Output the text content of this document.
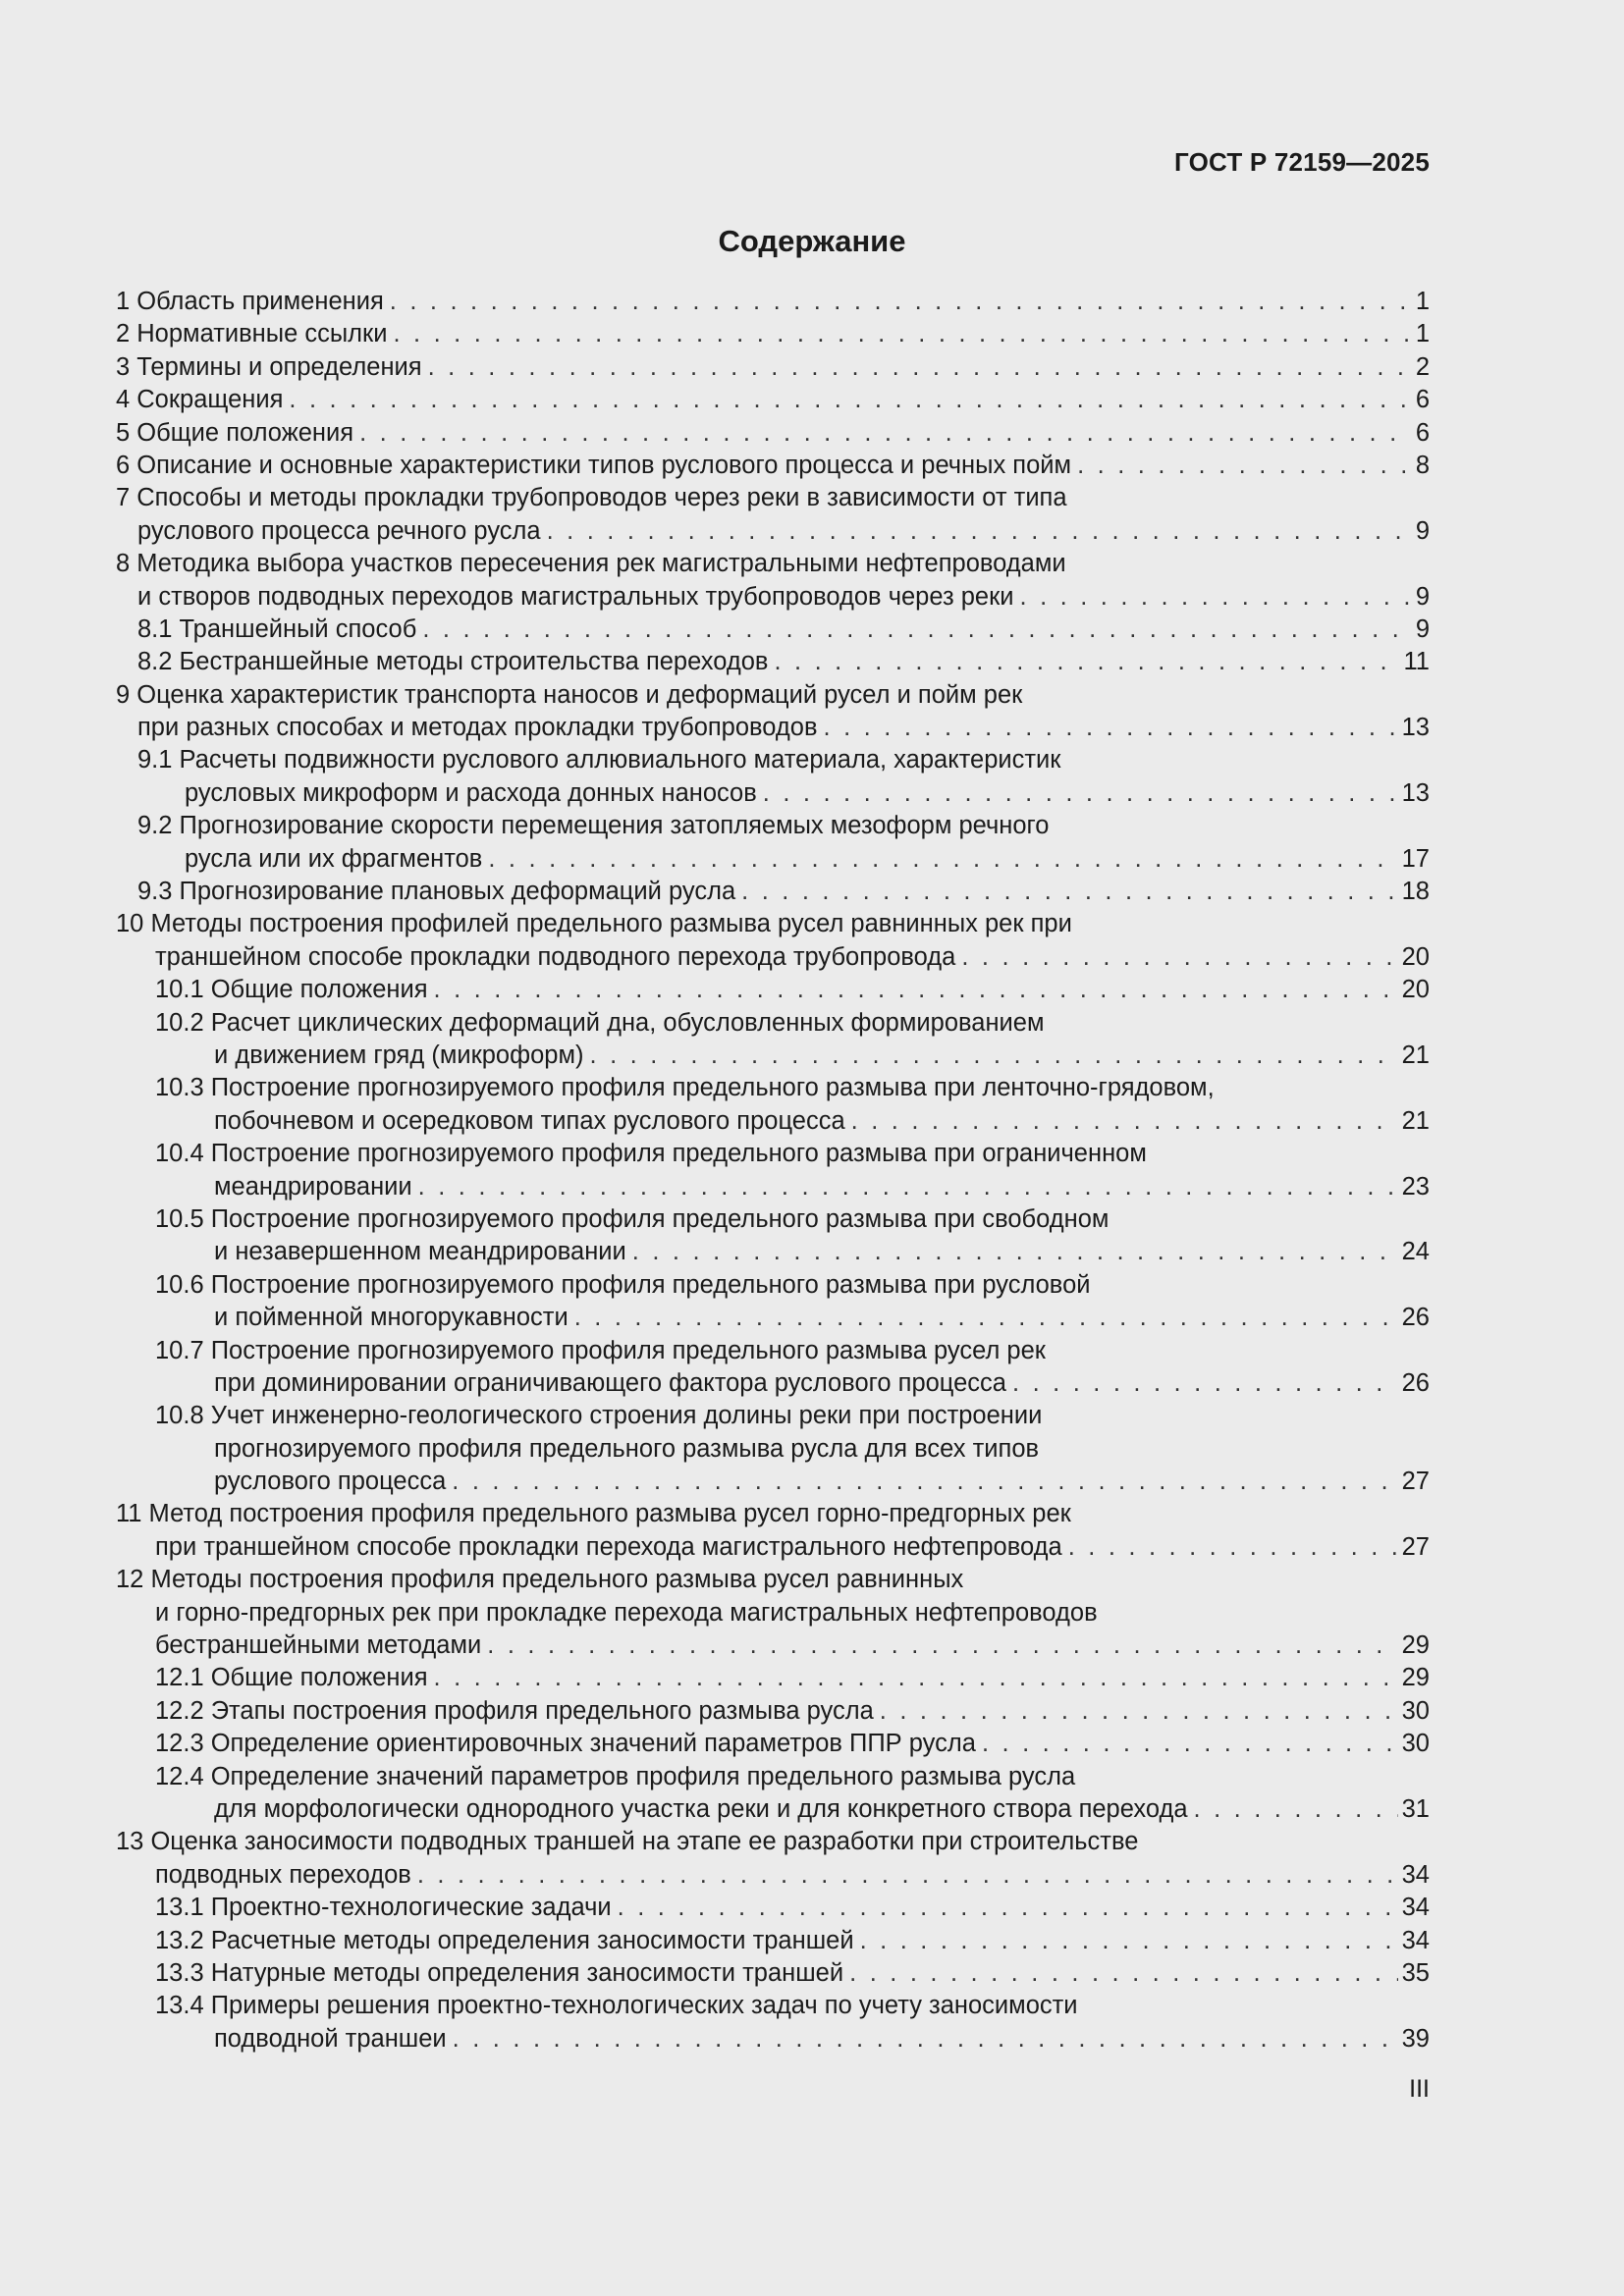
ГОСТ Р 72159—2025
Содержание
1 Область применения . . .	1
2 Нормативные ссылки . . .	1
3 Термины и определения . . .	2
4 Сокращения . . .	6
5 Общие положения . . .	6
6 Описание и основные характеристики типов руслового процесса и речных пойм . . .	8
7 Способы и методы прокладки трубопроводов через реки в зависимости от типа
руслового процесса речного русла . . .	9
8 Методика выбора участков пересечения рек магистральными нефтепроводами
и створов подводных переходов магистральных трубопроводов через реки . . .	9
8.1 Траншейный способ . . .	9
8.2 Бестраншейные методы строительства переходов . . .	11
9 Оценка характеристик транспорта наносов и деформаций русел и пойм рек
при разных способах и методах прокладки трубопроводов . . .	13
9.1 Расчеты подвижности руслового аллювиального материала, характеристик
русловых микроформ и расхода донных наносов . . .	13
9.2 Прогнозирование скорости перемещения затопляемых мезоформ речного
русла или их фрагментов . . .	17
9.3 Прогнозирование плановых деформаций русла . . .	18
10 Методы построения профилей предельного размыва русел равнинных рек при
траншейном способе прокладки подводного перехода трубопровода . . .	20
10.1 Общие положения . . .	20
10.2 Расчет циклических деформаций дна, обусловленных формированием
и движением гряд (микроформ) . . .	21
10.3 Построение прогнозируемого профиля предельного размыва при ленточно-грядовом,
побочневом и осередковом типах руслового процесса . . .	21
10.4 Построение прогнозируемого профиля предельного размыва при ограниченном
меандрировании . . .	23
10.5 Построение прогнозируемого профиля предельного размыва при свободном
и незавершенном меандрировании . . .	24
10.6 Построение прогнозируемого профиля предельного размыва при русловой
и пойменной многорукавности . . .	26
10.7 Построение прогнозируемого профиля предельного размыва русел рек
при доминировании ограничивающего фактора руслового процесса . . .	26
10.8 Учет инженерно-геологического строения долины реки при построении
прогнозируемого профиля предельного размыва русла для всех типов
руслового процесса . . .	27
11 Метод построения профиля предельного размыва русел горно-предгорных рек
при траншейном способе прокладки перехода магистрального нефтепровода . . .	27
12 Методы построения профиля предельного размыва русел равнинных
и горно-предгорных рек при прокладке перехода магистральных нефтепроводов
бестраншейными методами . . .	29
12.1 Общие положения . . .	29
12.2 Этапы построения профиля предельного размыва русла . . .	30
12.3 Определение ориентировочных значений параметров ППР русла . . .	30
12.4 Определение значений параметров профиля предельного размыва русла
для морфологически однородного участка реки и для конкретного створа перехода . . .	31
13 Оценка заносимости подводных траншей на этапе ее разработки при строительстве
подводных переходов . . .	34
13.1 Проектно-технологические задачи . . .	34
13.2 Расчетные методы определения заносимости траншей . . .	34
13.3 Натурные методы определения заносимости траншей . . .	35
13.4 Примеры решения проектно-технологических задач по учету заносимости
подводной траншеи . . .	39
III
